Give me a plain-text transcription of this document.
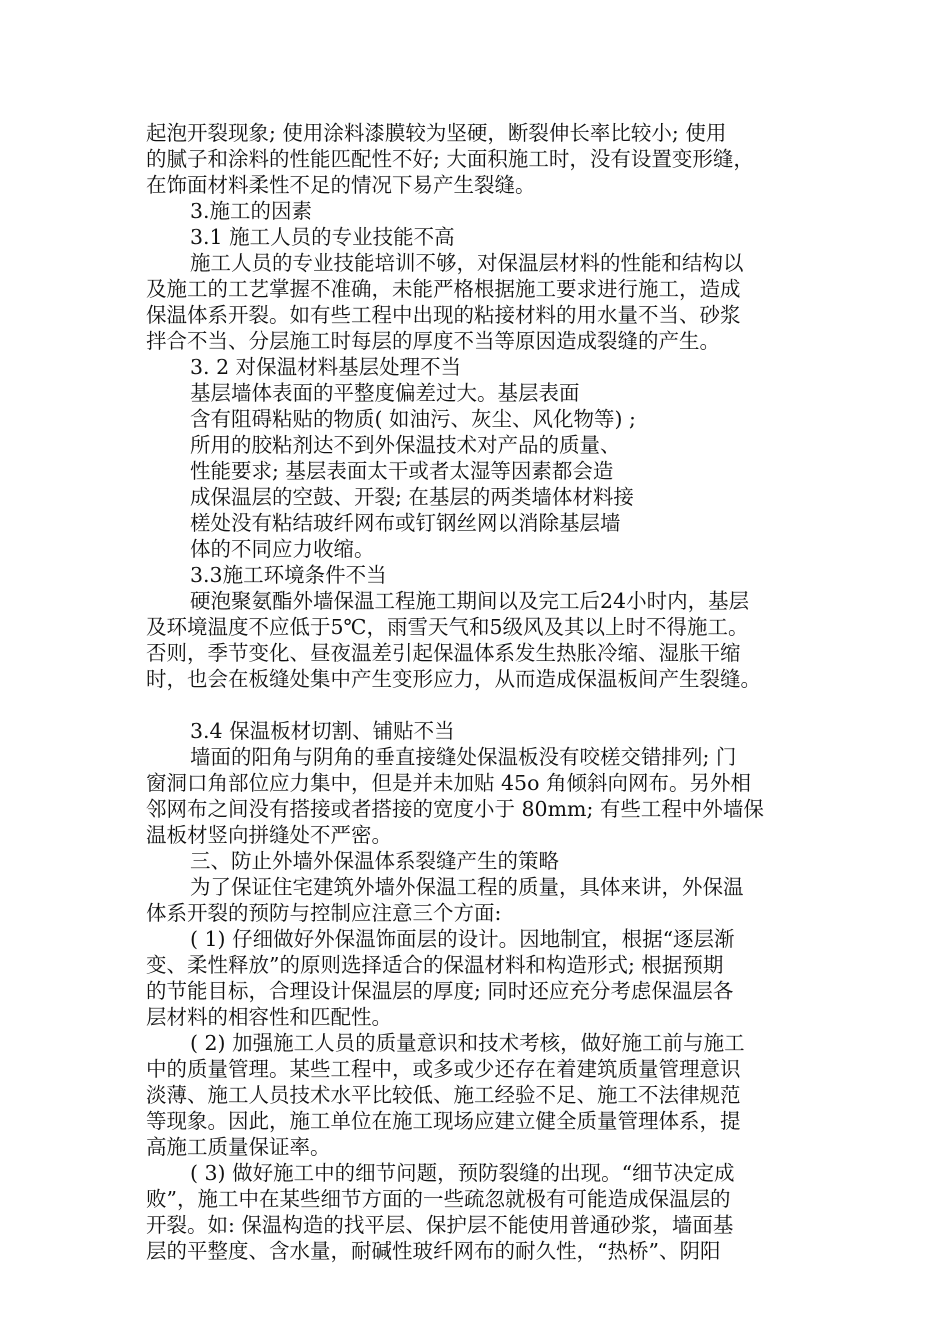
起泡开裂现象; 使用涂料漆膜较为坚硬，断裂伸长率比较小; 使用
的腻子和涂料的性能匹配性不好; 大面积施工时，没有设置变形缝，
在饰面材料柔性不足的情况下易产生裂缝。
3.施工的因素
3.1 施工人员的专业技能不高
施工人员的专业技能培训不够，对保温层材料的性能和结构以
及施工的工艺掌握不准确，未能严格根据施工要求进行施工，造成
保温体系开裂。如有些工程中出现的粘接材料的用水量不当、砂浆
拌合不当、分层施工时每层的厚度不当等原因造成裂缝的产生。
3. 2 对保温材料基层处理不当
基层墙体表面的平整度偏差过大。基层表面
含有阻碍粘贴的物质( 如油污、灰尘、风化物等) ;
所用的胶粘剂达不到外保温技术对产品的质量、
性能要求; 基层表面太干或者太湿等因素都会造
成保温层的空鼓、开裂; 在基层的两类墙体材料接
槎处没有粘结玻纤网布或钉钢丝网以消除基层墙
体的不同应力收缩。
3.3施工环境条件不当
硬泡聚氨酯外墙保温工程施工期间以及完工后24小时内，基层
及环境温度不应低于5℃，雨雪天气和5级风及其以上时不得施工。
否则，季节变化、昼夜温差引起保温体系发生热胀冷缩、湿胀干缩
时，也会在板缝处集中产生变形应力，从而造成保温板间产生裂缝。
3.4 保温板材切割、铺贴不当
墙面的阳角与阴角的垂直接缝处保温板没有咬槎交错排列; 门
窗洞口角部位应力集中，但是并未加贴 45o 角倾斜向网布。另外相
邻网布之间没有搭接或者搭接的宽度小于 80mm; 有些工程中外墙保
温板材竖向拼缝处不严密。
三、防止外墙外保温体系裂缝产生的策略
为了保证住宅建筑外墙外保温工程的质量，具体来讲，外保温
体系开裂的预防与控制应注意三个方面:
( 1) 仔细做好外保温饰面层的设计。因地制宜，根据“逐层渐
变、柔性释放”的原则选择适合的保温材料和构造形式; 根据预期
的节能目标，合理设计保温层的厚度; 同时还应充分考虑保温层各
层材料的相容性和匹配性。
( 2) 加强施工人员的质量意识和技术考核，做好施工前与施工
中的质量管理。某些工程中，或多或少还存在着建筑质量管理意识
淡薄、施工人员技术水平比较低、施工经验不足、施工不法律规范
等现象。因此，施工单位在施工现场应建立健全质量管理体系，提
高施工质量保证率。
( 3) 做好施工中的细节问题，预防裂缝的出现。“细节决定成
败”，施工中在某些细节方面的一些疏忽就极有可能造成保温层的
开裂。如: 保温构造的找平层、保护层不能使用普通砂浆，墙面基
层的平整度、含水量，耐碱性玻纤网布的耐久性，“热桥”、阴阳
